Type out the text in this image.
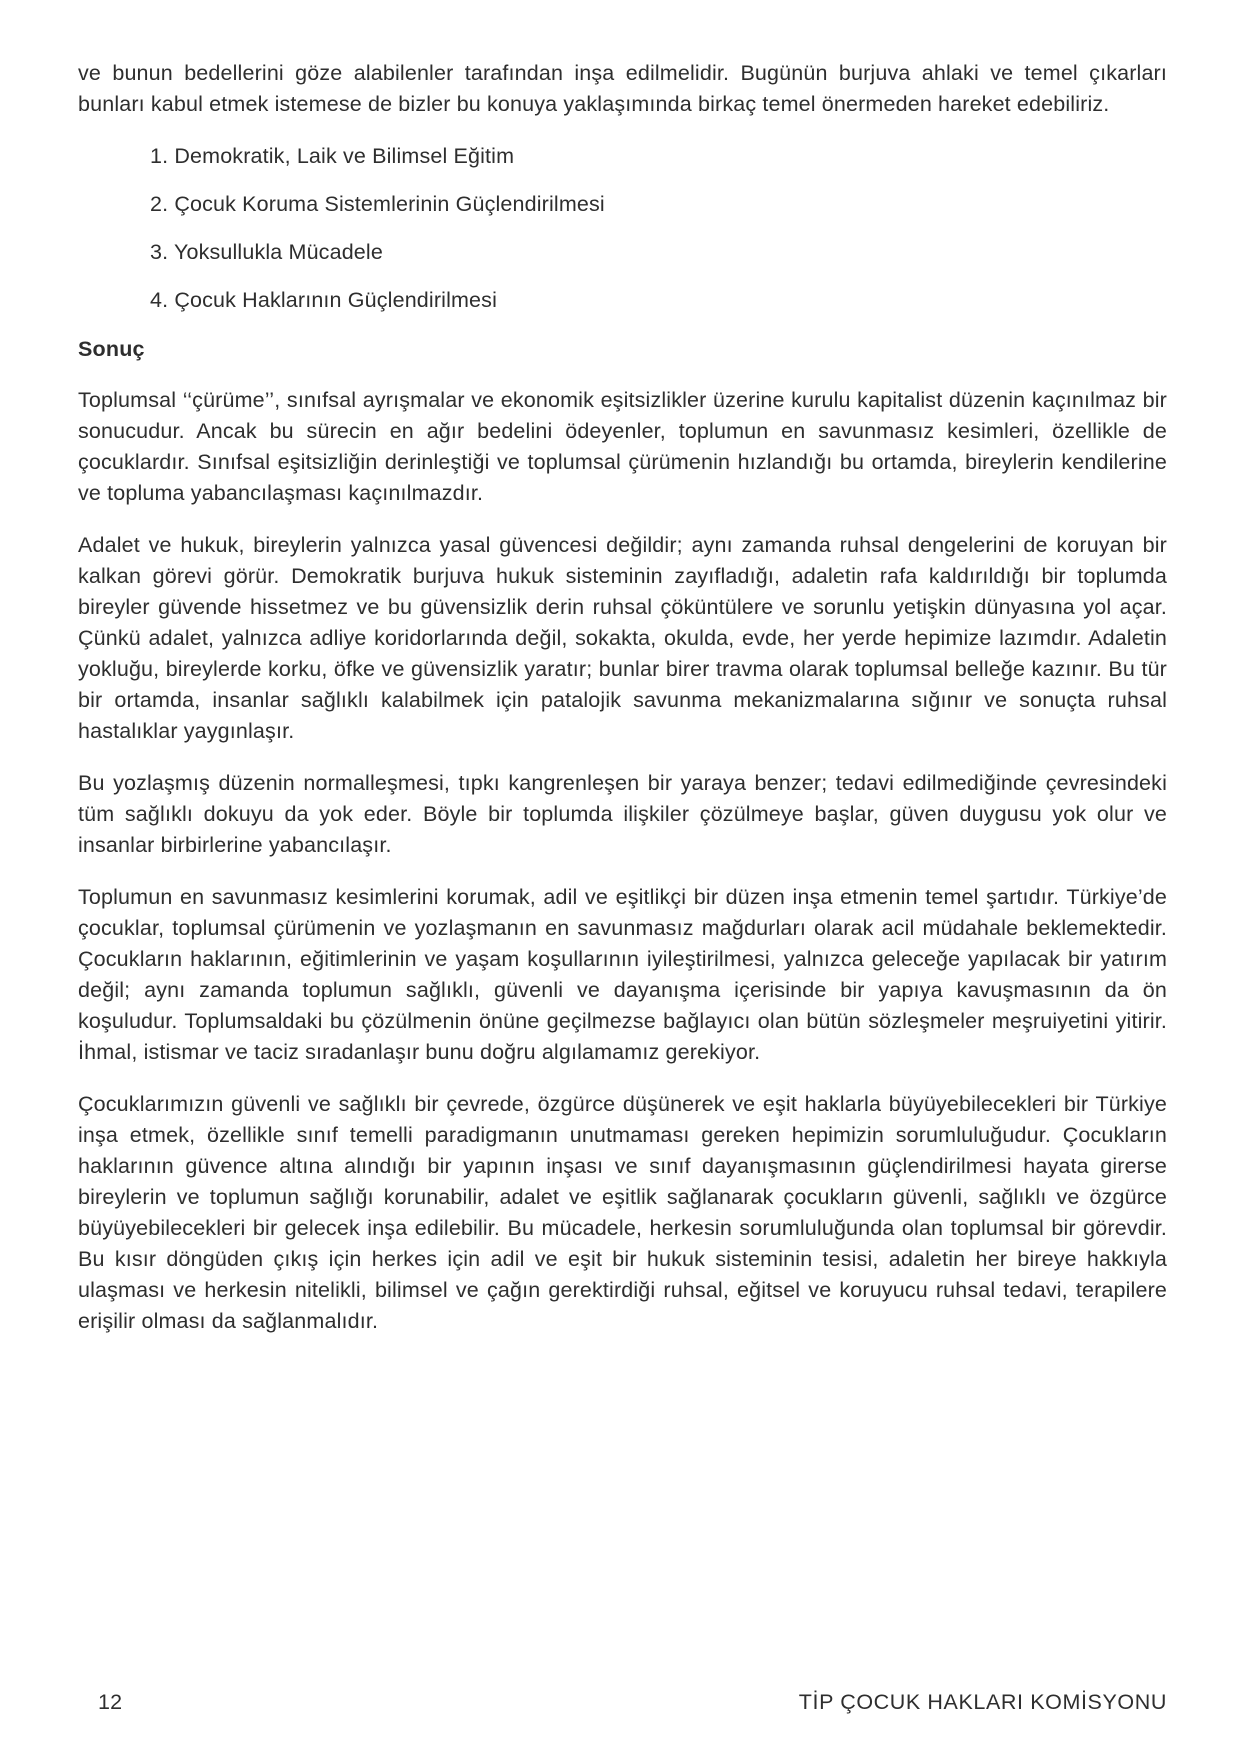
ve bunun bedellerini göze alabilenler tarafından inşa edilmelidir. Bugünün burjuva ahlaki ve temel çıkarları bunları kabul etmek istemese de bizler bu konuya yaklaşımında birkaç temel önermeden hareket edebiliriz.

1. Demokratik, Laik ve Bilimsel Eğitim
2. Çocuk Koruma Sistemlerinin Güçlendirilmesi
3. Yoksullukla Mücadele
4. Çocuk Haklarının Güçlendirilmesi
Sonuç

Toplumsal ‘‘çürüme’’, sınıfsal ayrışmalar ve ekonomik eşitsizlikler üzerine kurulu kapitalist düzenin kaçınılmaz bir sonucudur. Ancak bu sürecin en ağır bedelini ödeyenler, toplumun en savunmasız kesimleri, özellikle de çocuklardır. Sınıfsal eşitsizliğin derinleştiği ve toplumsal çürümenin hızlandığı bu ortamda, bireylerin kendilerine ve topluma yabancılaşması kaçınılmazdır.

Adalet ve hukuk, bireylerin yalnızca yasal güvencesi değildir; aynı zamanda ruhsal dengelerini de koruyan bir kalkan görevi görür. Demokratik burjuva hukuk sisteminin zayıfladığı, adaletin rafa kaldırıldığı bir toplumda bireyler güvende hissetmez ve bu güvensizlik derin ruhsal çöküntülere ve sorunlu yetişkin dünyasına yol açar. Çünkü adalet, yalnızca adliye koridorlarında değil, sokakta, okulda, evde, her yerde hepimize lazımdır. Adaletin yokluğu, bireylerde korku, öfke ve güvensizlik yaratır; bunlar birer travma olarak toplumsal belleğe kazınır. Bu tür bir ortamda, insanlar sağlıklı kalabilmek için patalojik savunma mekanizmalarına sığınır ve sonuçta ruhsal hastalıklar yaygınlaşır.

Bu yozlaşmış düzenin normalleşmesi, tıpkı kangrenleşen bir yaraya benzer; tedavi edilmediğinde çevresindeki tüm sağlıklı dokuyu da yok eder. Böyle bir toplumda ilişkiler çözülmeye başlar, güven duygusu yok olur ve insanlar birbirlerine yabancılaşır.

Toplumun en savunmasız kesimlerini korumak, adil ve eşitlikçi bir düzen inşa etmenin temel şartıdır. Türkiye’de çocuklar, toplumsal çürümenin ve yozlaşmanın en savunmasız mağdurları olarak acil müdahale beklemektedir. Çocukların haklarının, eğitimlerinin ve yaşam koşullarının iyileştirilmesi, yalnızca geleceğe yapılacak bir yatırım değil; aynı zamanda toplumun sağlıklı, güvenli ve dayanışma içerisinde bir yapıya kavuşmasının da ön koşuludur. Toplumsaldaki bu çözülmenin önüne geçilmezse bağlayıcı olan bütün sözleşmeler meşruiyetini yitirir. İhmal, istismar ve taciz sıradanlaşır bunu doğru algılamamız gerekiyor.

Çocuklarımızın güvenli ve sağlıklı bir çevrede, özgürce düşünerek ve eşit haklarla büyüyebilecekleri bir Türkiye inşa etmek, özellikle sınıf temelli paradigmanın unutmaması gereken hepimizin sorumluluğudur. Çocukların haklarının güvence altına alındığı bir yapının inşası ve sınıf dayanışmasının güçlendirilmesi hayata girerse bireylerin ve toplumun sağlığı korunabilir, adalet ve eşitlik sağlanarak çocukların güvenli, sağlıklı ve özgürce büyüyebilecekleri bir gelecek inşa edilebilir. Bu mücadele, herkesin sorumluluğunda olan toplumsal bir görevdir. Bu kısır döngüden çıkış için herkes için adil ve eşit bir hukuk sisteminin tesisi, adaletin her bireye hakkıyla ulaşması ve herkesin nitelikli, bilimsel ve çağın gerektirdiği ruhsal, eğitsel ve koruyucu ruhsal tedavi, terapilere erişilir olması da sağlanmalıdır.

12	TİP ÇOCUK HAKLARI KOMİSYONU
